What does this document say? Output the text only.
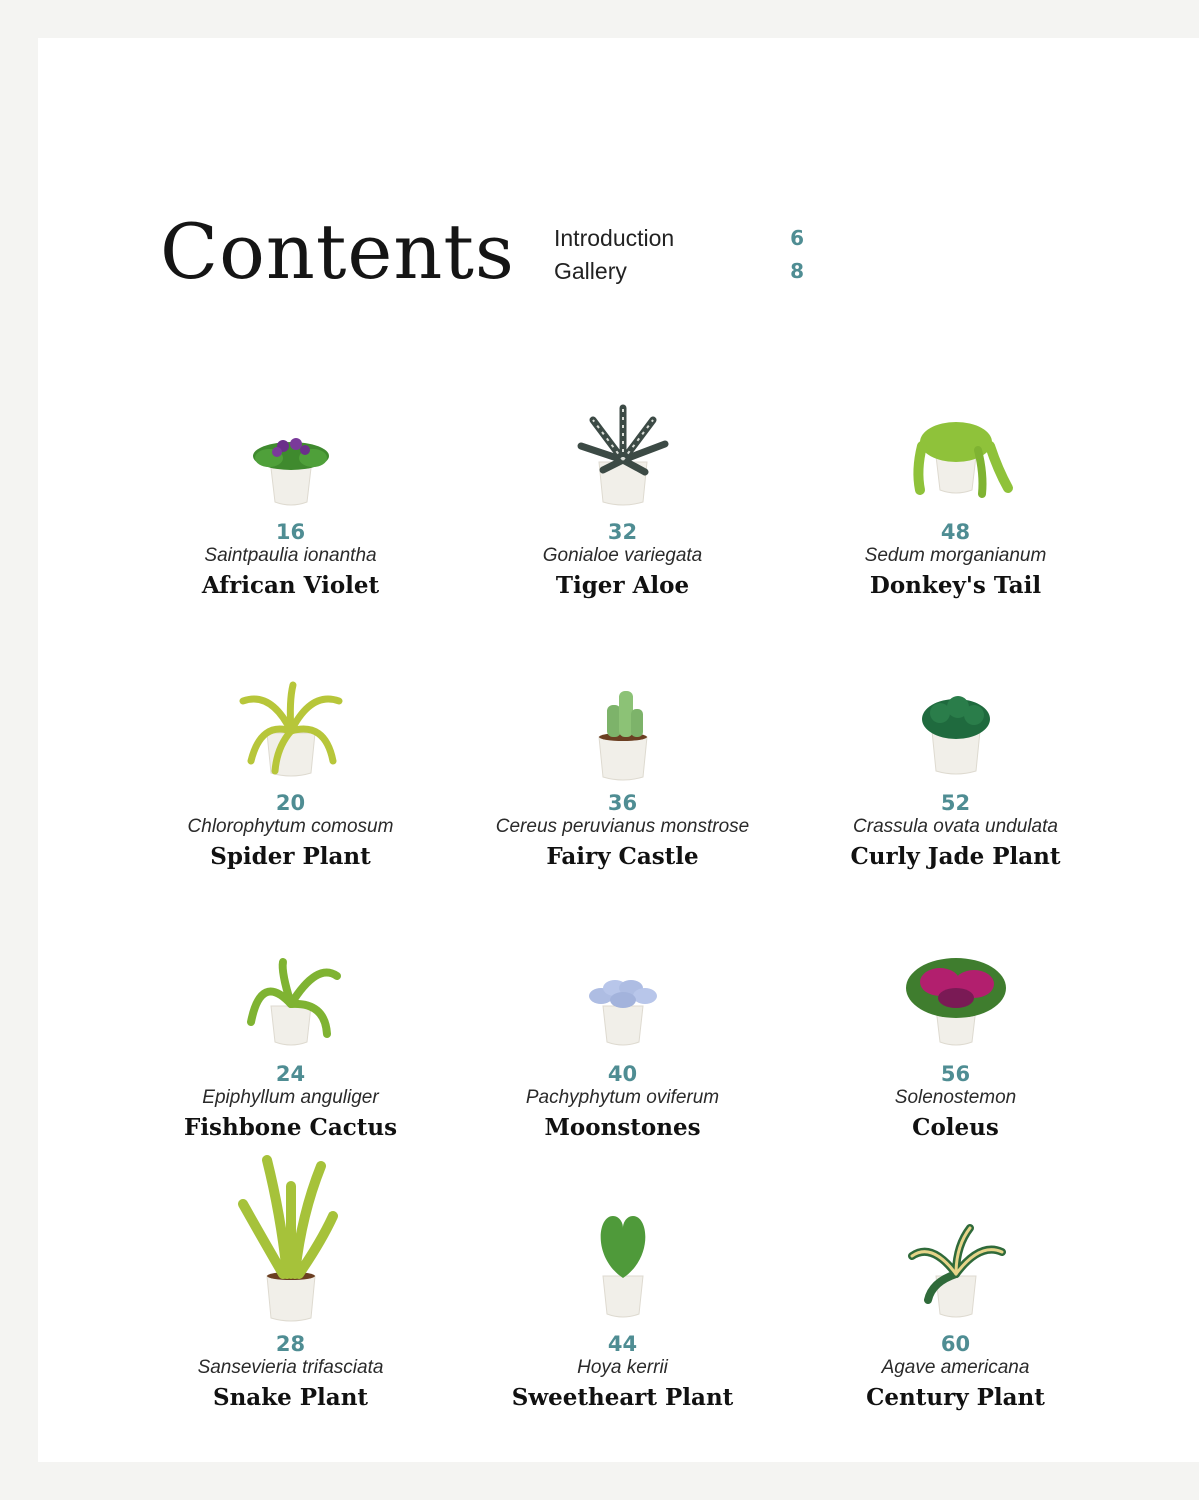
Contents Introduction	6
Gallery	8
16
Saintpaulia ionantha
African Violet
32
Gonialoe variegata
Tiger Aloe
48
Sedum morganianum
Donkey's Tail
20
Chlorophytum comosum
Spider Plant
36
Cereus peruvianus monstrose
Fairy Castle
52
Crassula ovata undulata
Curly Jade Plant
24
Epiphyllum anguliger
Fishbone Cactus
40
Pachyphytum oviferum
Moonstones
56
Solenostemon
Coleus
28
Sansevieria trifasciata
Snake Plant
44
Hoya kerrii
Sweetheart Plant
60
Agave americana
Century Plant
